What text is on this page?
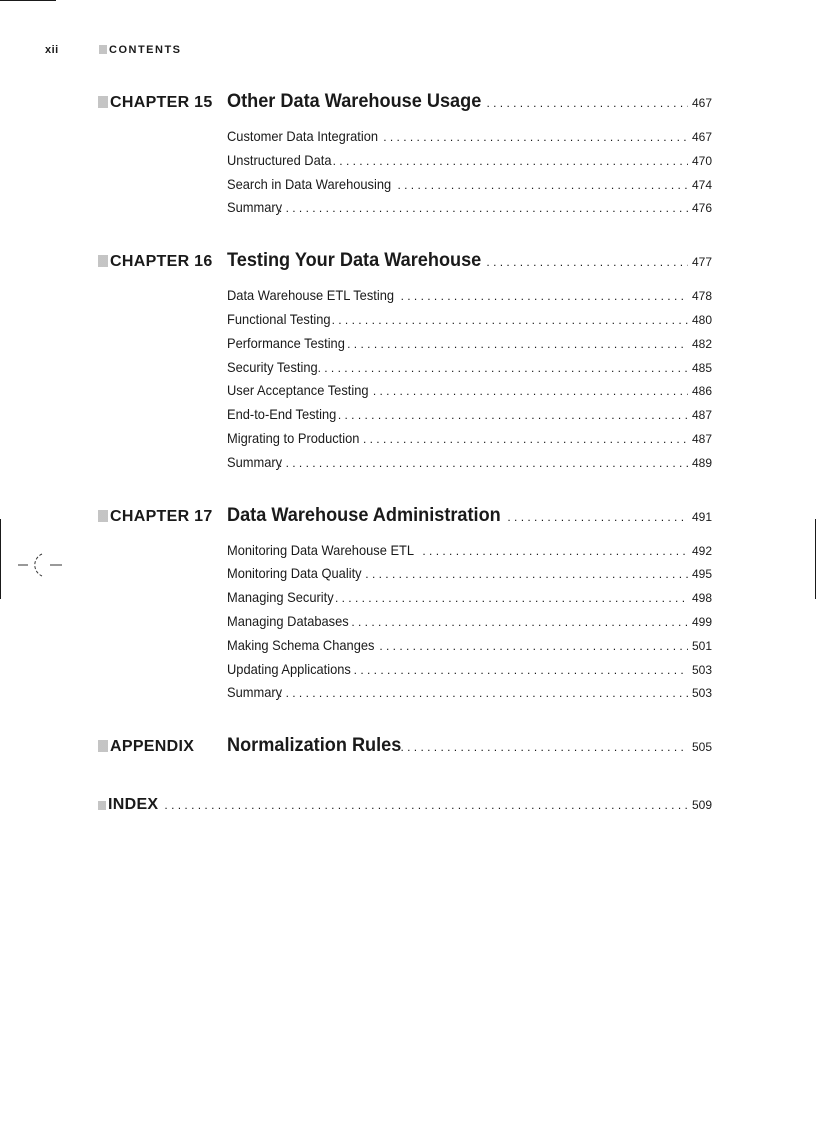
xii	CONTENTS
CHAPTER 15 Other Data Warehouse Usage . . .	467
Customer Data Integration . . .	467
Unstructured Data . . .	470
Search in Data Warehousing . . .	474
Summary . . .	476
CHAPTER 16 Testing Your Data Warehouse . . .	477
Data Warehouse ETL Testing . . .	478
Functional Testing . . .	480
Performance Testing . . .	482
Security Testing . . .	485
User Acceptance Testing . . .	486
End-to-End Testing . . .	487
Migrating to Production . . .	487
Summary . . .	489
CHAPTER 17 Data Warehouse Administration . . .	491
Monitoring Data Warehouse ETL . . .	492
Monitoring Data Quality . . .	495
Managing Security . . .	498
Managing Databases . . .	499
Making Schema Changes . . .	501
Updating Applications . . .	503
Summary . . .	503
APPENDIX	Normalization Rules . . .	505
INDEX . . .	509
